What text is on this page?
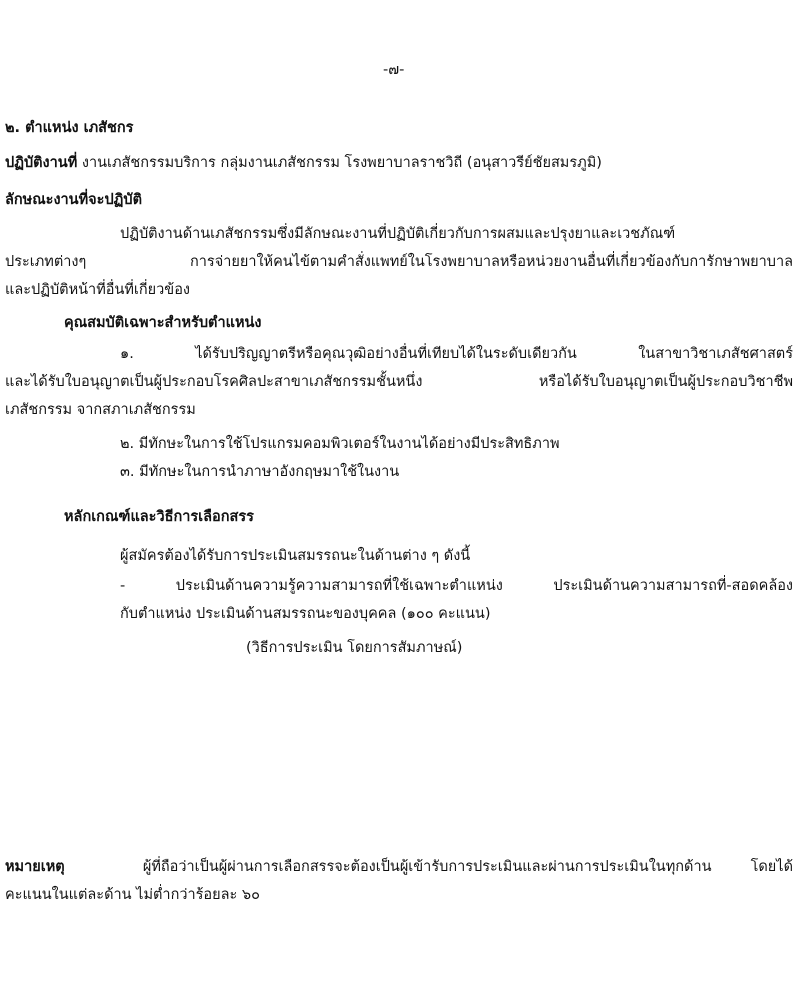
-๗-
๒. ตำแหน่ง เภสัชกร
ปฏิบัติงานที่ งานเภสัชกรรมบริการ กลุ่มงานเภสัชกรรม โรงพยาบาลราชวิถี (อนุสาวรีย์ชัยสมรภูมิ)
ลักษณะงานที่จะปฏิบัติ
ปฏิบัติงานด้านเภสัชกรรมซึ่งมีลักษณะงานที่ปฏิบัติเกี่ยวกับการผสมและปรุงยาและเวชภัณฑ์
ประเภทต่างๆ การจ่ายยาให้คนไข้ตามคำสั่งแพทย์ในโรงพยาบาลหรือหน่วยงานอื่นที่เกี่ยวข้องกับการักษาพยาบาล
และปฏิบัติหน้าที่อื่นที่เกี่ยวข้อง
คุณสมบัติเฉพาะสำหรับตำแหน่ง
๑. ได้รับปริญญาตรีหรือคุณวุฒิอย่างอื่นที่เทียบได้ในระดับเดียวกัน ในสาขาวิชาเภสัชศาสตร์
และได้รับใบอนุญาตเป็นผู้ประกอบโรคศิลปะสาขาเภสัชกรรมชั้นหนึ่ง หรือได้รับใบอนุญาตเป็นผู้ประกอบวิชาชีพ
เภสัชกรรม จากสภาเภสัชกรรม
๒. มีทักษะในการใช้โปรแกรมคอมพิวเตอร์ในงานได้อย่างมีประสิทธิภาพ
๓. มีทักษะในการนำภาษาอังกฤษมาใช้ในงาน
หลักเกณฑ์และวิธีการเลือกสรร
ผู้สมัครต้องได้รับการประเมินสมรรถนะในด้านต่าง ๆ ดังนี้
- ประเมินด้านความรู้ความสามารถที่ใช้เฉพาะตำแหน่ง ประเมินด้านความสามารถที่-สอดคล้อง
กับตำแหน่ง ประเมินด้านสมรรถนะของบุคคล (๑๐๐ คะแนน)
(วิธีการประเมิน โดยการสัมภาษณ์)
หมายเหตุ	ผู้ที่ถือว่าเป็นผู้ผ่านการเลือกสรรจะต้องเป็นผู้เข้ารับการประเมินและผ่านการประเมินในทุกด้าน โดยได้
คะแนนในแต่ละด้าน ไม่ต่ำกว่าร้อยละ ๖๐
